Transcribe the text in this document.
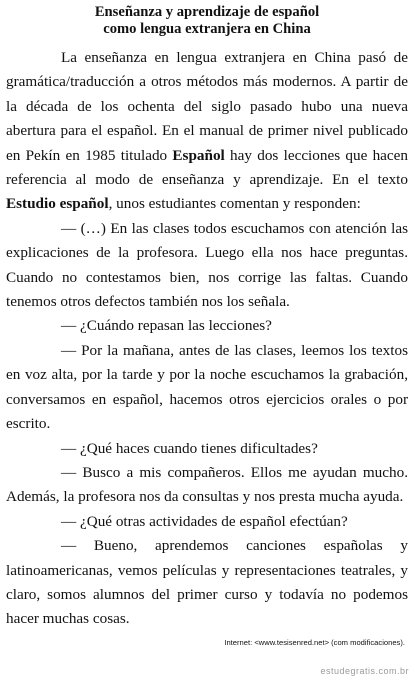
Enseñanza y aprendizaje de español
como lengua extranjera en China

La enseñanza en lengua extranjera en China pasó de gramática/traducción a otros métodos más modernos. A partir de la década de los ochenta del siglo pasado hubo una nueva abertura para el español. En el manual de primer nivel publicado en Pekín en 1985 titulado Español hay dos lecciones que hacen referencia al modo de enseñanza y aprendizaje. En el texto Estudio español, unos estudiantes comentan y responden:

— (…) En las clases todos escuchamos con atención las explicaciones de la profesora. Luego ella nos hace preguntas. Cuando no contestamos bien, nos corrige las faltas. Cuando tenemos otros defectos también nos los señala.

— ¿Cuándo repasan las lecciones?

— Por la mañana, antes de las clases, leemos los textos en voz alta, por la tarde y por la noche escuchamos la grabación, conversamos en español, hacemos otros ejercicios orales o por escrito.

— ¿Qué haces cuando tienes dificultades?

— Busco a mis compañeros. Ellos me ayudan mucho. Además, la profesora nos da consultas y nos presta mucha ayuda.

— ¿Qué otras actividades de español efectúan?

— Bueno, aprendemos canciones españolas y latinoamericanas, vemos películas y representaciones teatrales, y claro, somos alumnos del primer curso y todavía no podemos hacer muchas cosas.

Internet: <www.tesisenred.net> (com modificaciones).
estudegratis.com.br
